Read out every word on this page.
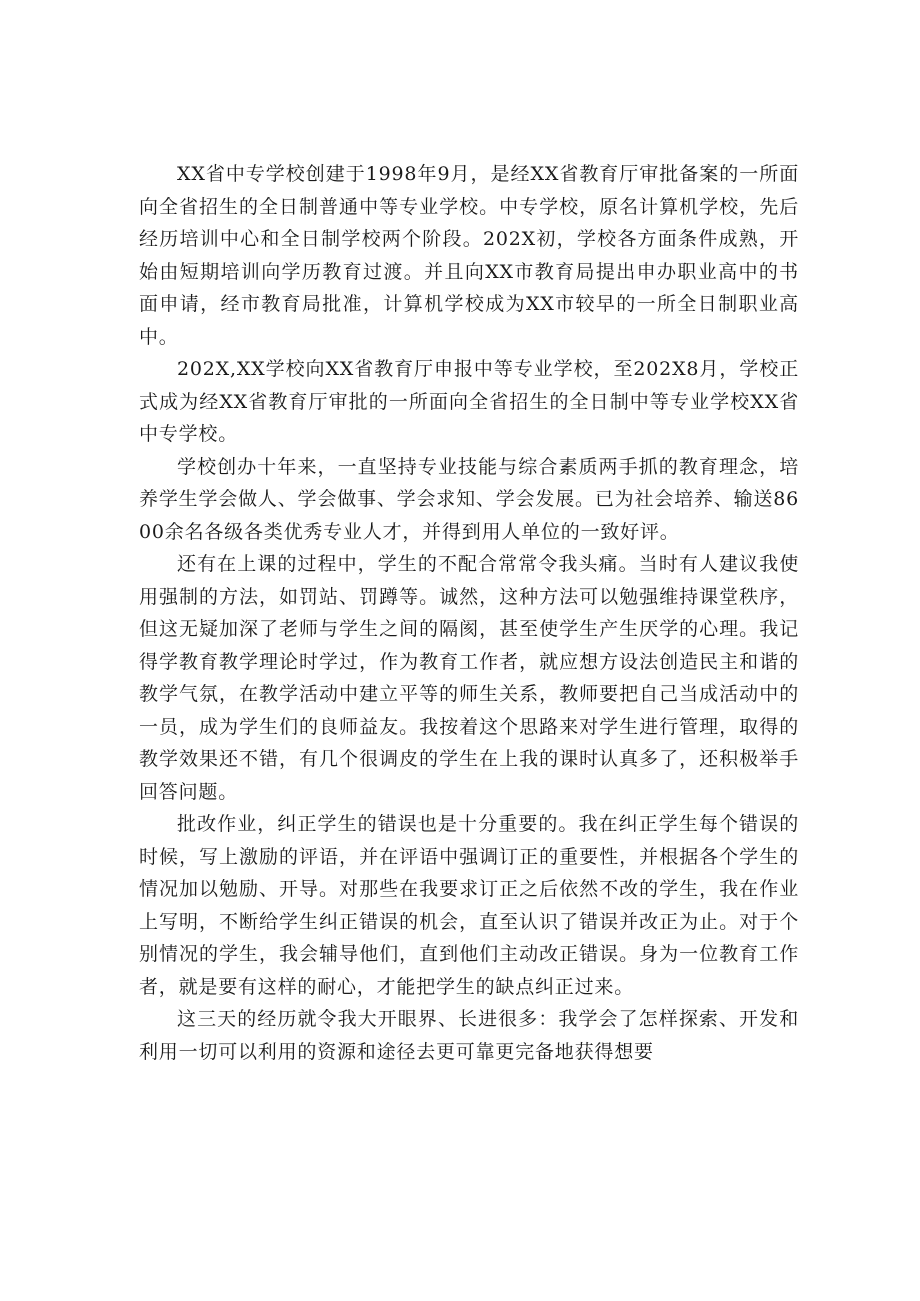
XX省中专学校创建于1998年9月，是经XX省教育厅审批备案的一所面向全省招生的全日制普通中等专业学校。中专学校，原名计算机学校，先后经历培训中心和全日制学校两个阶段。202X初，学校各方面条件成熟，开始由短期培训向学历教育过渡。并且向XX市教育局提出申办职业高中的书面申请，经市教育局批准，计算机学校成为XX市较早的一所全日制职业高中。

202X,XX学校向XX省教育厅申报中等专业学校，至202X8月，学校正式成为经XX省教育厅审批的一所面向全省招生的全日制中等专业学校XX省中专学校。

学校创办十年来，一直坚持专业技能与综合素质两手抓的教育理念，培养学生学会做人、学会做事、学会求知、学会发展。已为社会培养、输送8600余名各级各类优秀专业人才，并得到用人单位的一致好评。

还有在上课的过程中，学生的不配合常常令我头痛。当时有人建议我使用强制的方法，如罚站、罚蹲等。诚然，这种方法可以勉强维持课堂秩序，但这无疑加深了老师与学生之间的隔阂，甚至使学生产生厌学的心理。我记得学教育教学理论时学过，作为教育工作者，就应想方设法创造民主和谐的教学气氛，在教学活动中建立平等的师生关系，教师要把自己当成活动中的一员，成为学生们的良师益友。我按着这个思路来对学生进行管理，取得的教学效果还不错，有几个很调皮的学生在上我的课时认真多了，还积极举手回答问题。

批改作业，纠正学生的错误也是十分重要的。我在纠正学生每个错误的时候，写上激励的评语，并在评语中强调订正的重要性，并根据各个学生的情况加以勉励、开导。对那些在我要求订正之后依然不改的学生，我在作业上写明，不断给学生纠正错误的机会，直至认识了错误并改正为止。对于个别情况的学生，我会辅导他们，直到他们主动改正错误。身为一位教育工作者，就是要有这样的耐心，才能把学生的缺点纠正过来。

这三天的经历就令我大开眼界、长进很多：我学会了怎样探索、开发和利用一切可以利用的资源和途径去更可靠更完备地获得想要
